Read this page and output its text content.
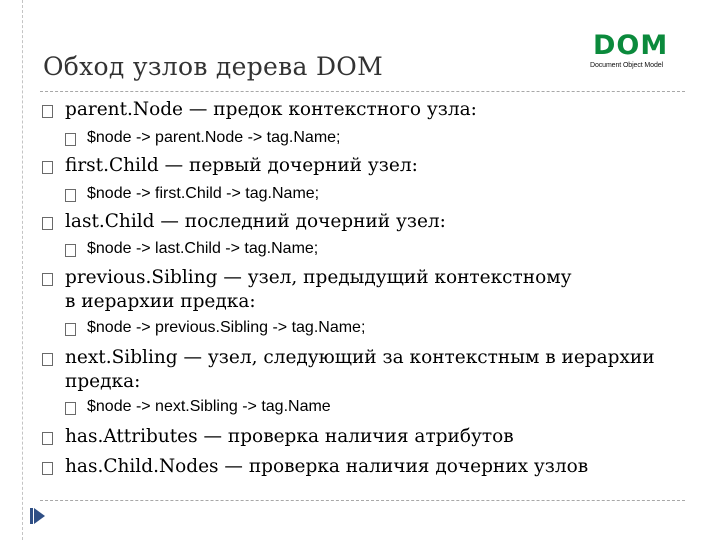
Обход узлов дерева DOM
DOM
Document Object Model
parent.Node — предок контекстного узла:
$node -> parent.Node -> tag.Name;
first.Child — первый дочерний узел:
$node -> first.Child -> tag.Name;
last.Child — последний дочерний узел:
$node -> last.Child -> tag.Name;
previous.Sibling — узел, предыдущий контекстному
в иерархии предка:
$node -> previous.Sibling -> tag.Name;
next.Sibling — узел, следующий за контекстным в иерархии
предка:
$node -> next.Sibling -> tag.Name
has.Attributes — проверка наличия атрибутов
has.Child.Nodes — проверка наличия дочерних узлов
